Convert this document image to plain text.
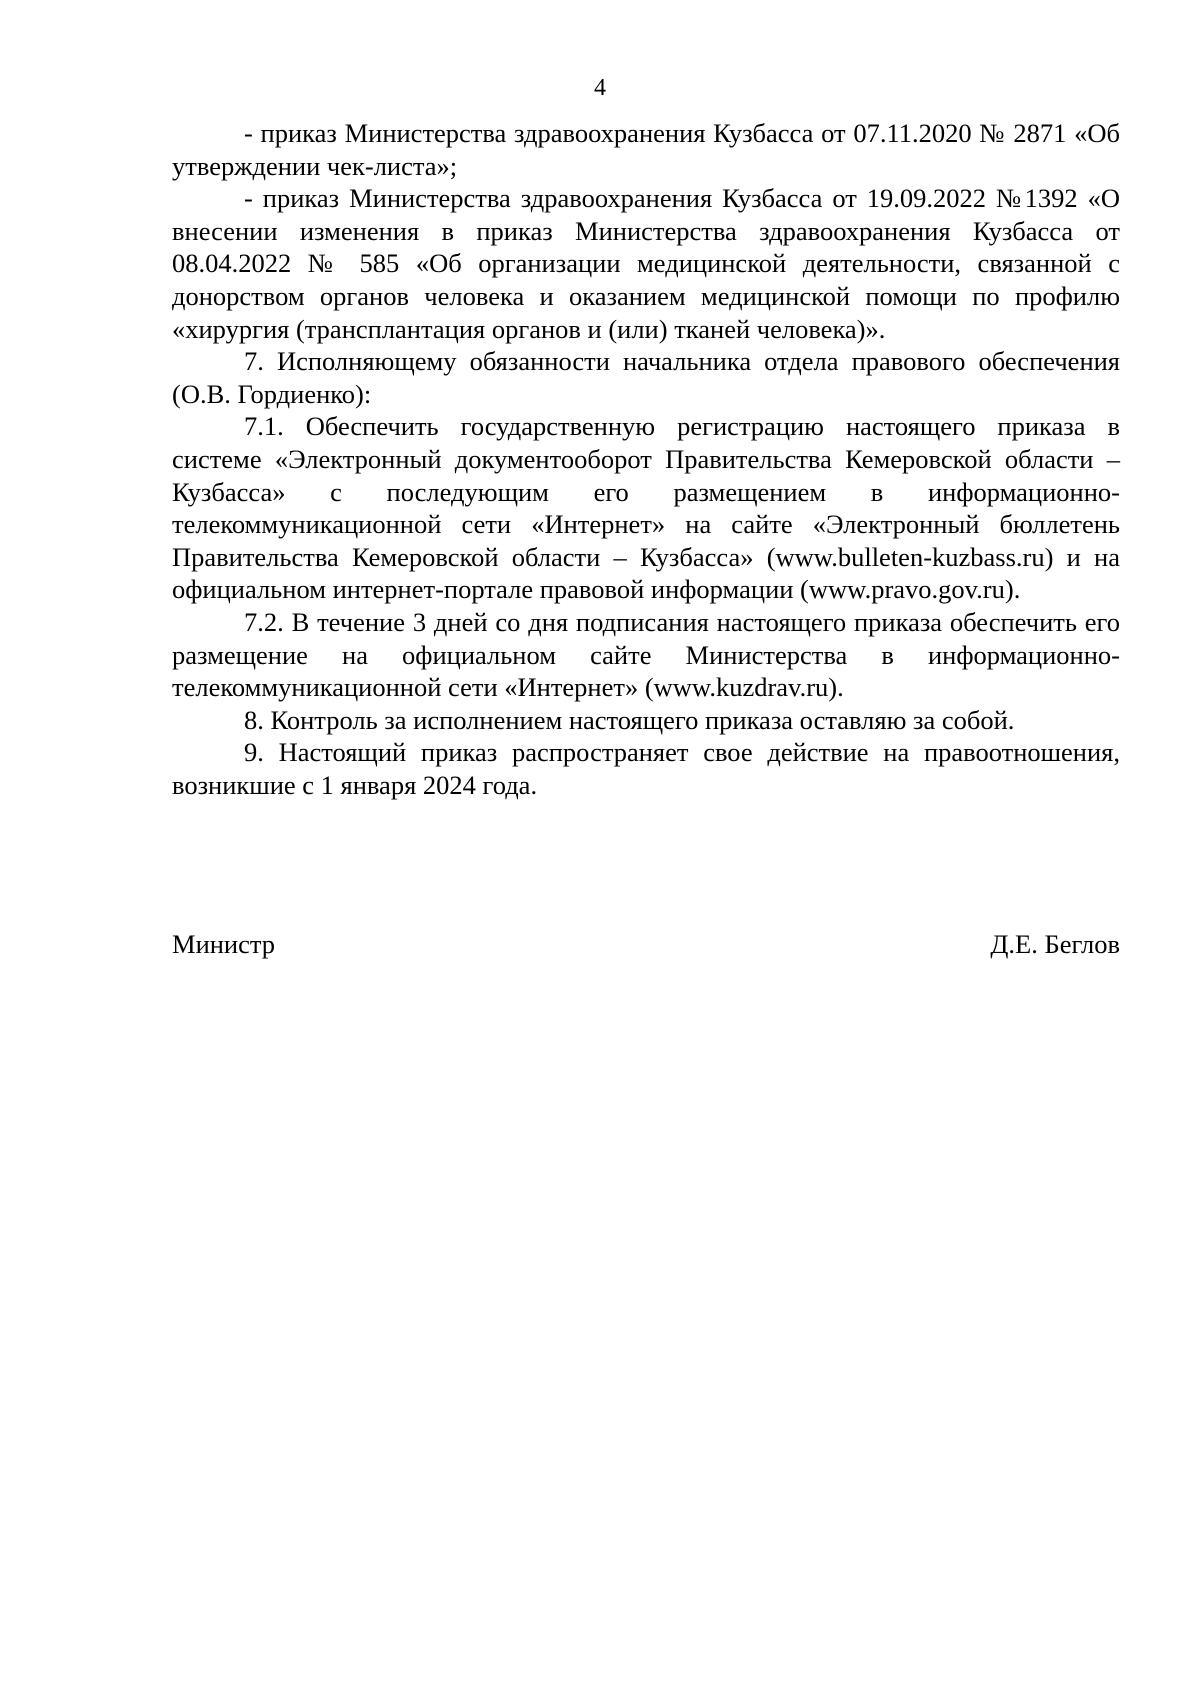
4

- приказ Министерства здравоохранения Кузбасса от 07.11.2020 № 2871 «Об утверждении чек-листа»;

- приказ Министерства здравоохранения Кузбасса от 19.09.2022 №1392 «О внесении изменения в приказ Министерства здравоохранения Кузбасса от 08.04.2022 № 585 «Об организации медицинской деятельности, связанной с донорством органов человека и оказанием медицинской помощи по профилю «хирургия (трансплантация органов и (или) тканей человека)».

7. Исполняющему обязанности начальника отдела правового обеспечения (О.В. Гордиенко):

7.1. Обеспечить государственную регистрацию настоящего приказа в системе «Электронный документооборот Правительства Кемеровской области – Кузбасса» с последующим его размещением в информационно-телекоммуникационной сети «Интернет» на сайте «Электронный бюллетень Правительства Кемеровской области – Кузбасса» (www.bulleten-kuzbass.ru) и на официальном интернет-портале правовой информации (www.pravo.gov.ru).

7.2. В течение 3 дней со дня подписания настоящего приказа обеспечить его размещение на официальном сайте Министерства в информационно-телекоммуникационной сети «Интернет» (www.kuzdrav.ru).

8. Контроль за исполнением настоящего приказа оставляю за собой.

9. Настоящий приказ распространяет свое действие на правоотношения, возникшие с 1 января 2024 года.

Министр	Д.Е. Беглов
